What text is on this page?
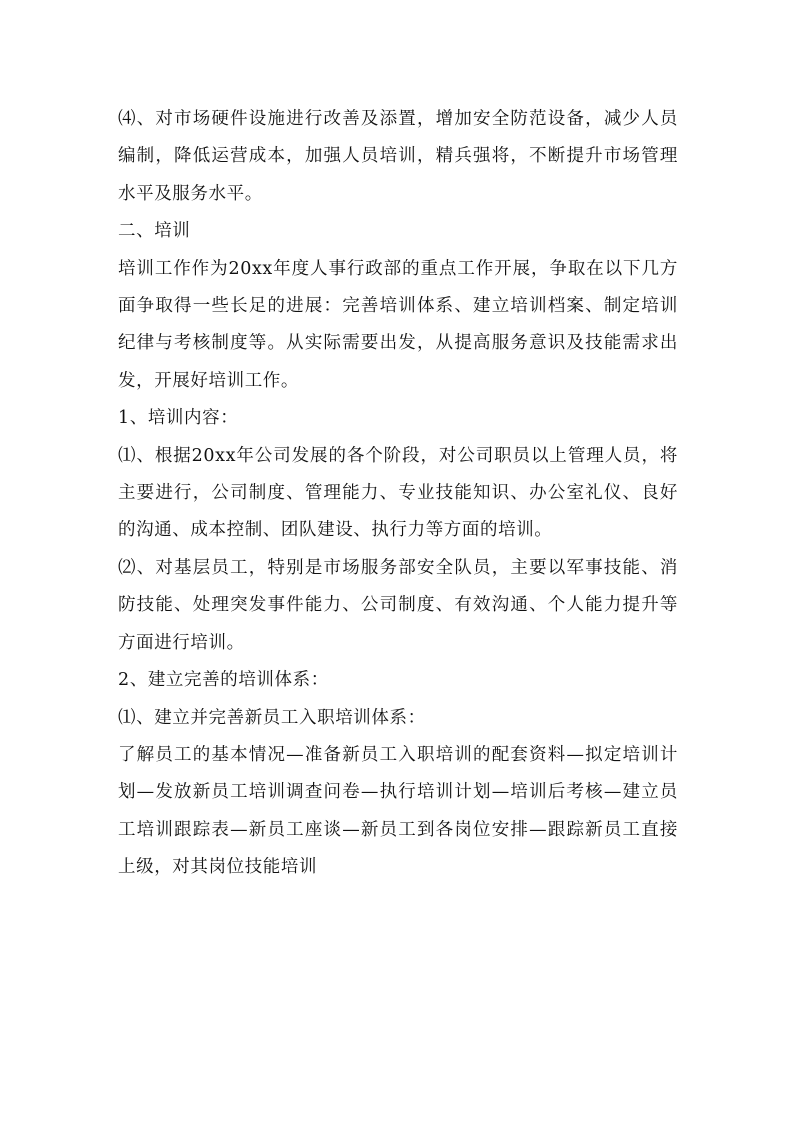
⑷、对市场硬件设施进行改善及添置，增加安全防范设备，减少人员编制，降低运营成本，加强人员培训，精兵强将，不断提升市场管理水平及服务水平。

二、培训

培训工作作为20xx年度人事行政部的重点工作开展，争取在以下几方面争取得一些长足的进展：完善培训体系、建立培训档案、制定培训纪律与考核制度等。从实际需要出发，从提高服务意识及技能需求出发，开展好培训工作。

1、培训内容：

⑴、根据20xx年公司发展的各个阶段，对公司职员以上管理人员，将主要进行，公司制度、管理能力、专业技能知识、办公室礼仪、良好的沟通、成本控制、团队建设、执行力等方面的培训。

⑵、对基层员工，特别是市场服务部安全队员，主要以军事技能、消防技能、处理突发事件能力、公司制度、有效沟通、个人能力提升等方面进行培训。

2、建立完善的培训体系：

⑴、建立并完善新员工入职培训体系：

了解员工的基本情况—准备新员工入职培训的配套资料—拟定培训计划—发放新员工培训调查问卷—执行培训计划—培训后考核—建立员工培训跟踪表—新员工座谈—新员工到各岗位安排—跟踪新员工直接上级，对其岗位技能培训
